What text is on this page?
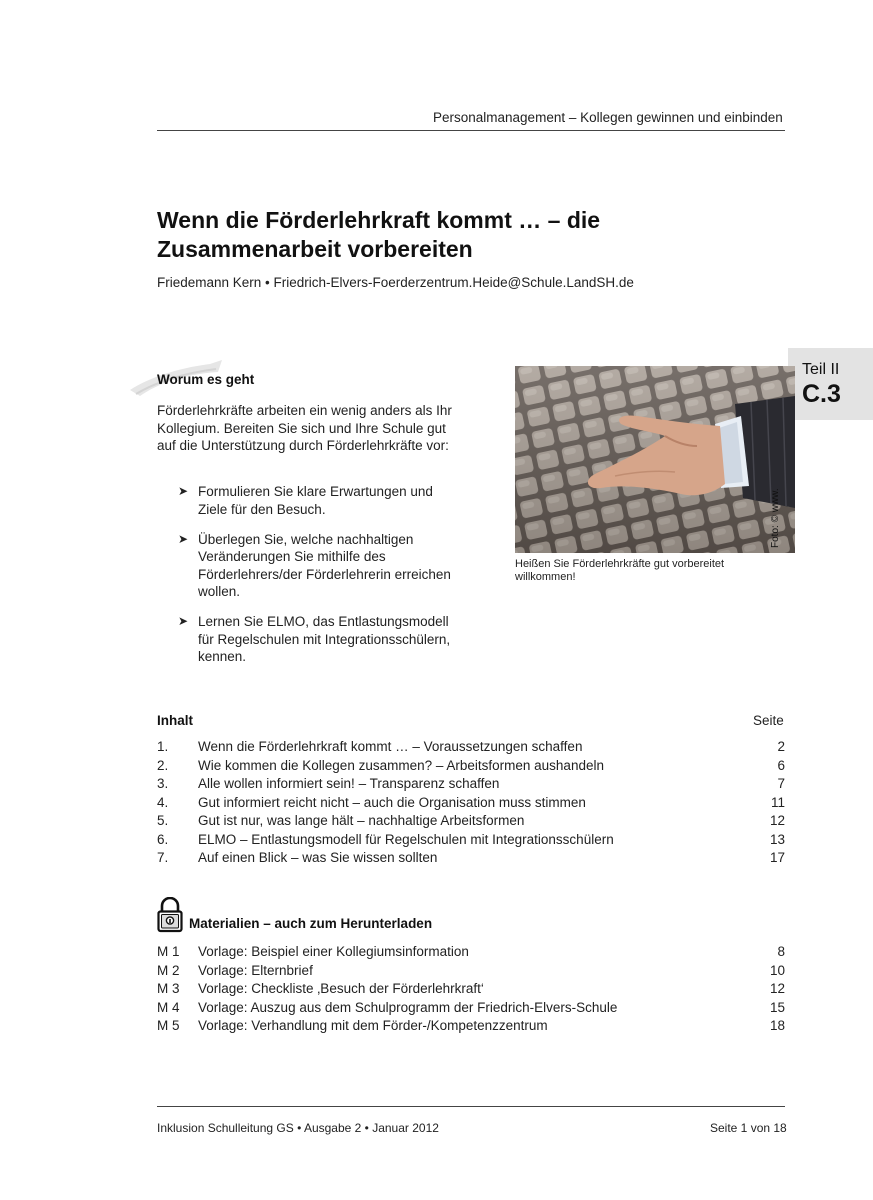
Personalmanagement – Kollegen gewinnen und einbinden
Wenn die Förderlehrkraft kommt … – die Zusammenarbeit vorbereiten
Friedemann Kern • Friedrich-Elvers-Foerderzentrum.Heide@Schule.LandSH.de
Teil II
C.3
Worum es geht
Förderlehrkräfte arbeiten ein wenig anders als Ihr Kollegium. Bereiten Sie sich und Ihre Schule gut auf die Unterstützung durch Förderlehrkräfte vor:
➤ Formulieren Sie klare Erwartungen und Ziele für den Besuch.
➤ Überlegen Sie, welche nachhaltigen Veränderungen Sie mithilfe des Förderlehrers/der Förderlehrerin erreichen wollen.
➤ Lernen Sie ELMO, das Entlastungsmodell für Regelschulen mit Integrationsschülern, kennen.
Foto: © www.
Heißen Sie Förderlehrkräfte gut vorbereitet willkommen!
Inhalt	Seite
1. Wenn die Förderlehrkraft kommt … – Voraussetzungen schaffen	2
2. Wie kommen die Kollegen zusammen? – Arbeitsformen aushandeln	6
3. Alle wollen informiert sein! – Transparenz schaffen	7
4. Gut informiert reicht nicht – auch die Organisation muss stimmen	11
5. Gut ist nur, was lange hält – nachhaltige Arbeitsformen	12
6. ELMO – Entlastungsmodell für Regelschulen mit Integrationsschülern	13
7. Auf einen Blick – was Sie wissen sollten	17
Materialien – auch zum Herunterladen
M 1 Vorlage: Beispiel einer Kollegiumsinformation	8
M 2 Vorlage: Elternbrief	10
M 3 Vorlage: Checkliste ‚Besuch der Förderlehrkraft‘	12
M 4 Vorlage: Auszug aus dem Schulprogramm der Friedrich-Elvers-Schule	15
M 5 Vorlage: Verhandlung mit dem Förder-/Kompetenzzentrum	18
Inklusion Schulleitung GS • Ausgabe 2 • Januar 2012	Seite 1 von 18
